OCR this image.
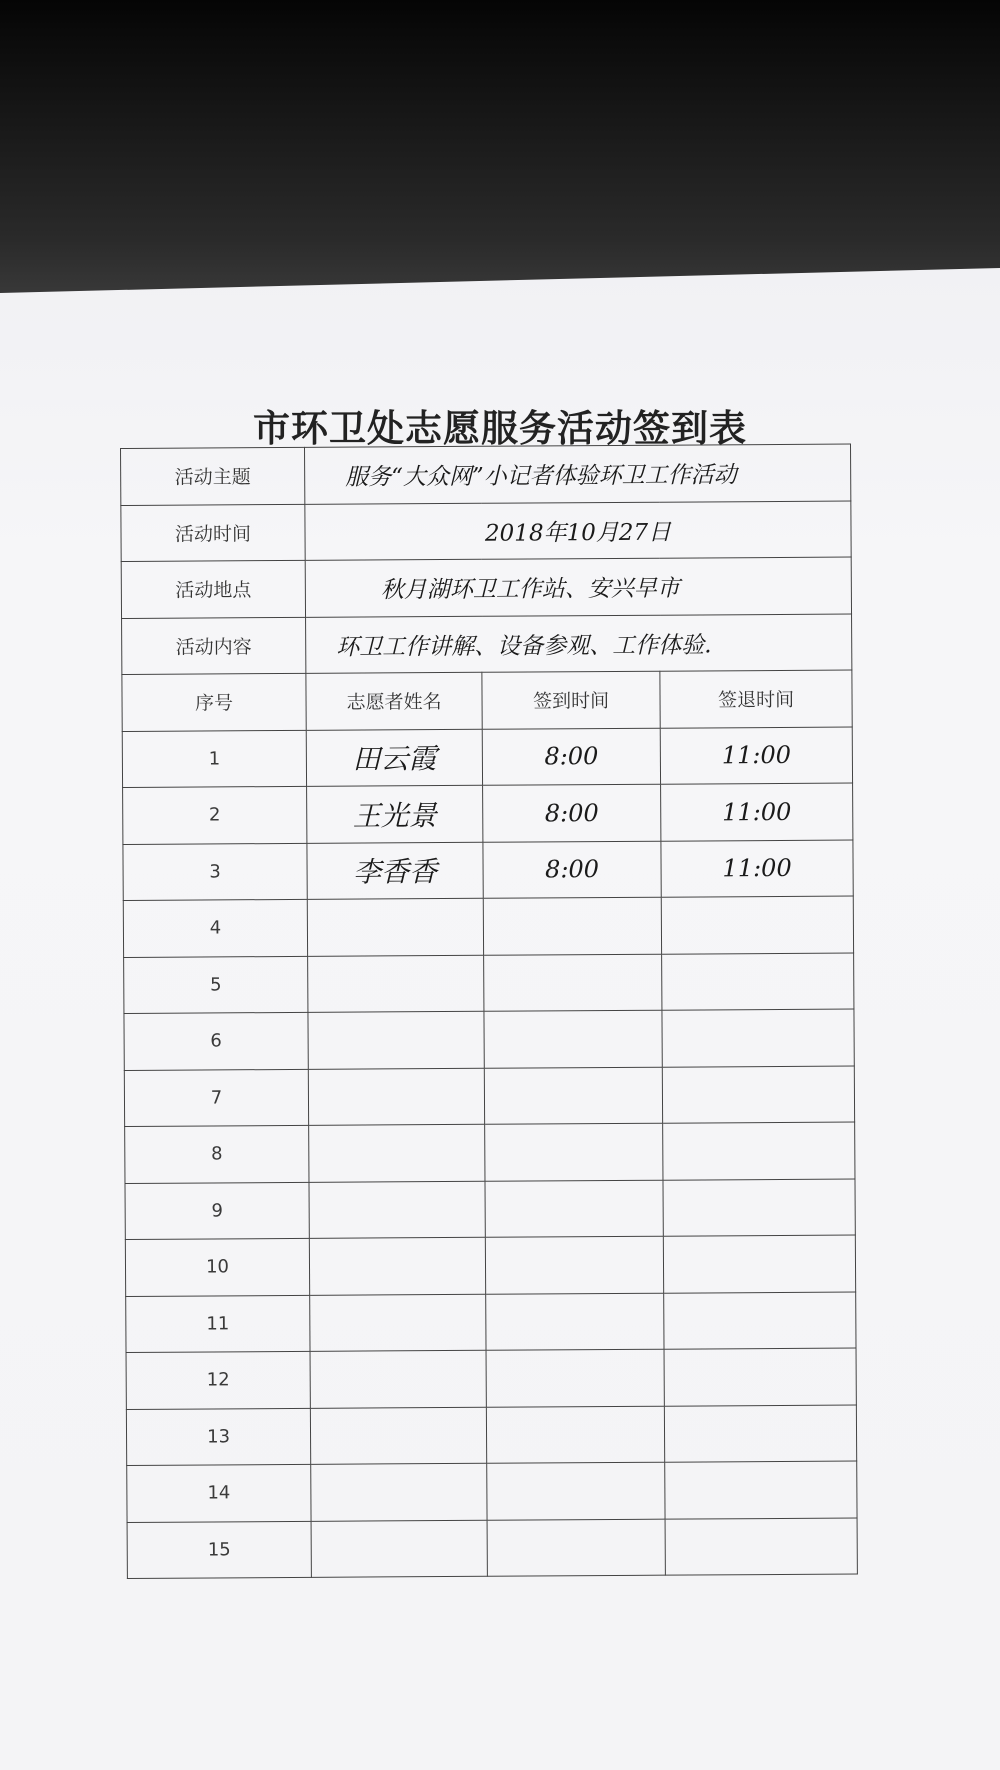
市环卫处志愿服务活动签到表
活动主题	服务“大众网”小记者体验环卫工作活动		
活动时间	2018年10月27日		
活动地点	秋月湖环卫工作站、安兴早市		
活动内容	环卫工作讲解、设备参观、工作体验.		
序号	志愿者姓名	签到时间	签退时间
1	田云霞	8:00	11:00
2	王光景	8:00	11:00
3	李香香	8:00	11:00
4			
5			
6			
7			
8			
9			
10			
11			
12			
13			
14			
15			
